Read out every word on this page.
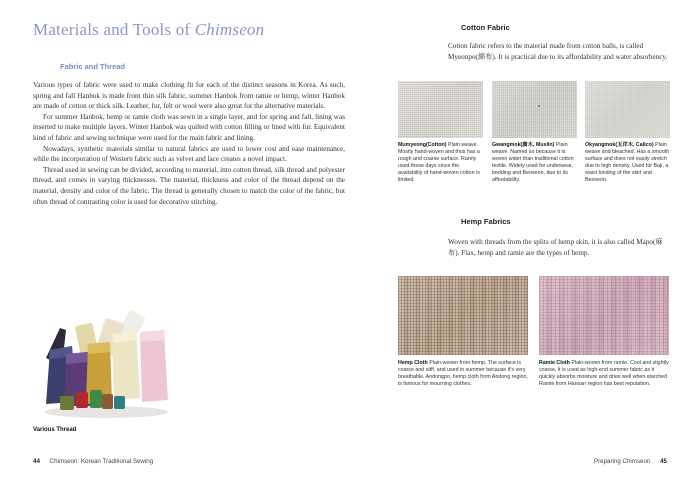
Materials and Tools of Chimseon
Fabric and Thread

Various types of fabric were used to make clothing fit for each of the distinct seasons in Korea. As such, spring and fall Hanbok is made from thin silk fabric, summer Hanbok from ramie or hemp, winter Hanbok are made of cotton or thick silk. Leather, fur, felt or wool were also great for the alternative materials.

For summer Hanbok, hemp or ramie cloth was sewn in a single layer, and for spring and fall, lining was inserted to make multiple layers. Winter Hanbok was quilted with cotton filling or lined with fur. Equivalent kind of fabric and sewing technique were used for the main fabric and lining.

Nowadays, synthetic materials similar to natural fabrics are used to lower cost and ease maintenance, while the incorporation of Western fabric such as velvet and lace creates a novel impact.

Thread used in sewing can be divided, according to material, into cotton thread, silk thread and polyester thread, and comes in varying thicknesses. The material, thickness and color of the thread depend on the material, density and color of the fabric. The thread is generally chosen to match the color of the fabric, but often thread of contrasting color is used for decorative stitching.

Various Thread
44 Chimseon: Korean Traditional Sewing
Cotton Fabric
Cotton fabric refers to the material made from cotton balls, is called Myeonpo(綿布). It is practical due to its affordability and water absorbency.
Mumyeong(Cotton) Plain weave. Mostly hand-woven and thus has a rough and coarse surface. Rarely used these days since the availability of hand-woven cotton is limited.
Gwangmok(廣木, Muslin) Plain weave. Named so because it is woven wider than traditional cotton textile. Widely used for underwear, bedding and Beoseon, due to its affordability.
Okyangmok(玉洋木, Calico) Plain weave and bleached. Has a smooth surface and does not easily stretch due to high density. Used for Baji, a waist binding of the skirt and Beoseon.
Hemp Fabrics
Woven with threads from the splits of hemp skin, it is also called Mapo(麻布). Flax, hemp and ramie are the types of hemp.
Hemp Cloth Plain-woven from hemp. The surface is coarse and stiff, and used in summer because it's very breathable. Andongpo, hemp cloth from Andong region, is famous for mourning clothes.
Ramie Cloth Plain-woven from ramie. Cool and slightly coarse, it is used as high-end summer fabric as it quickly absorbs moisture and dries well when starched. Ramie from Hansan region has best reputation.
Preparing Chimseon 45
